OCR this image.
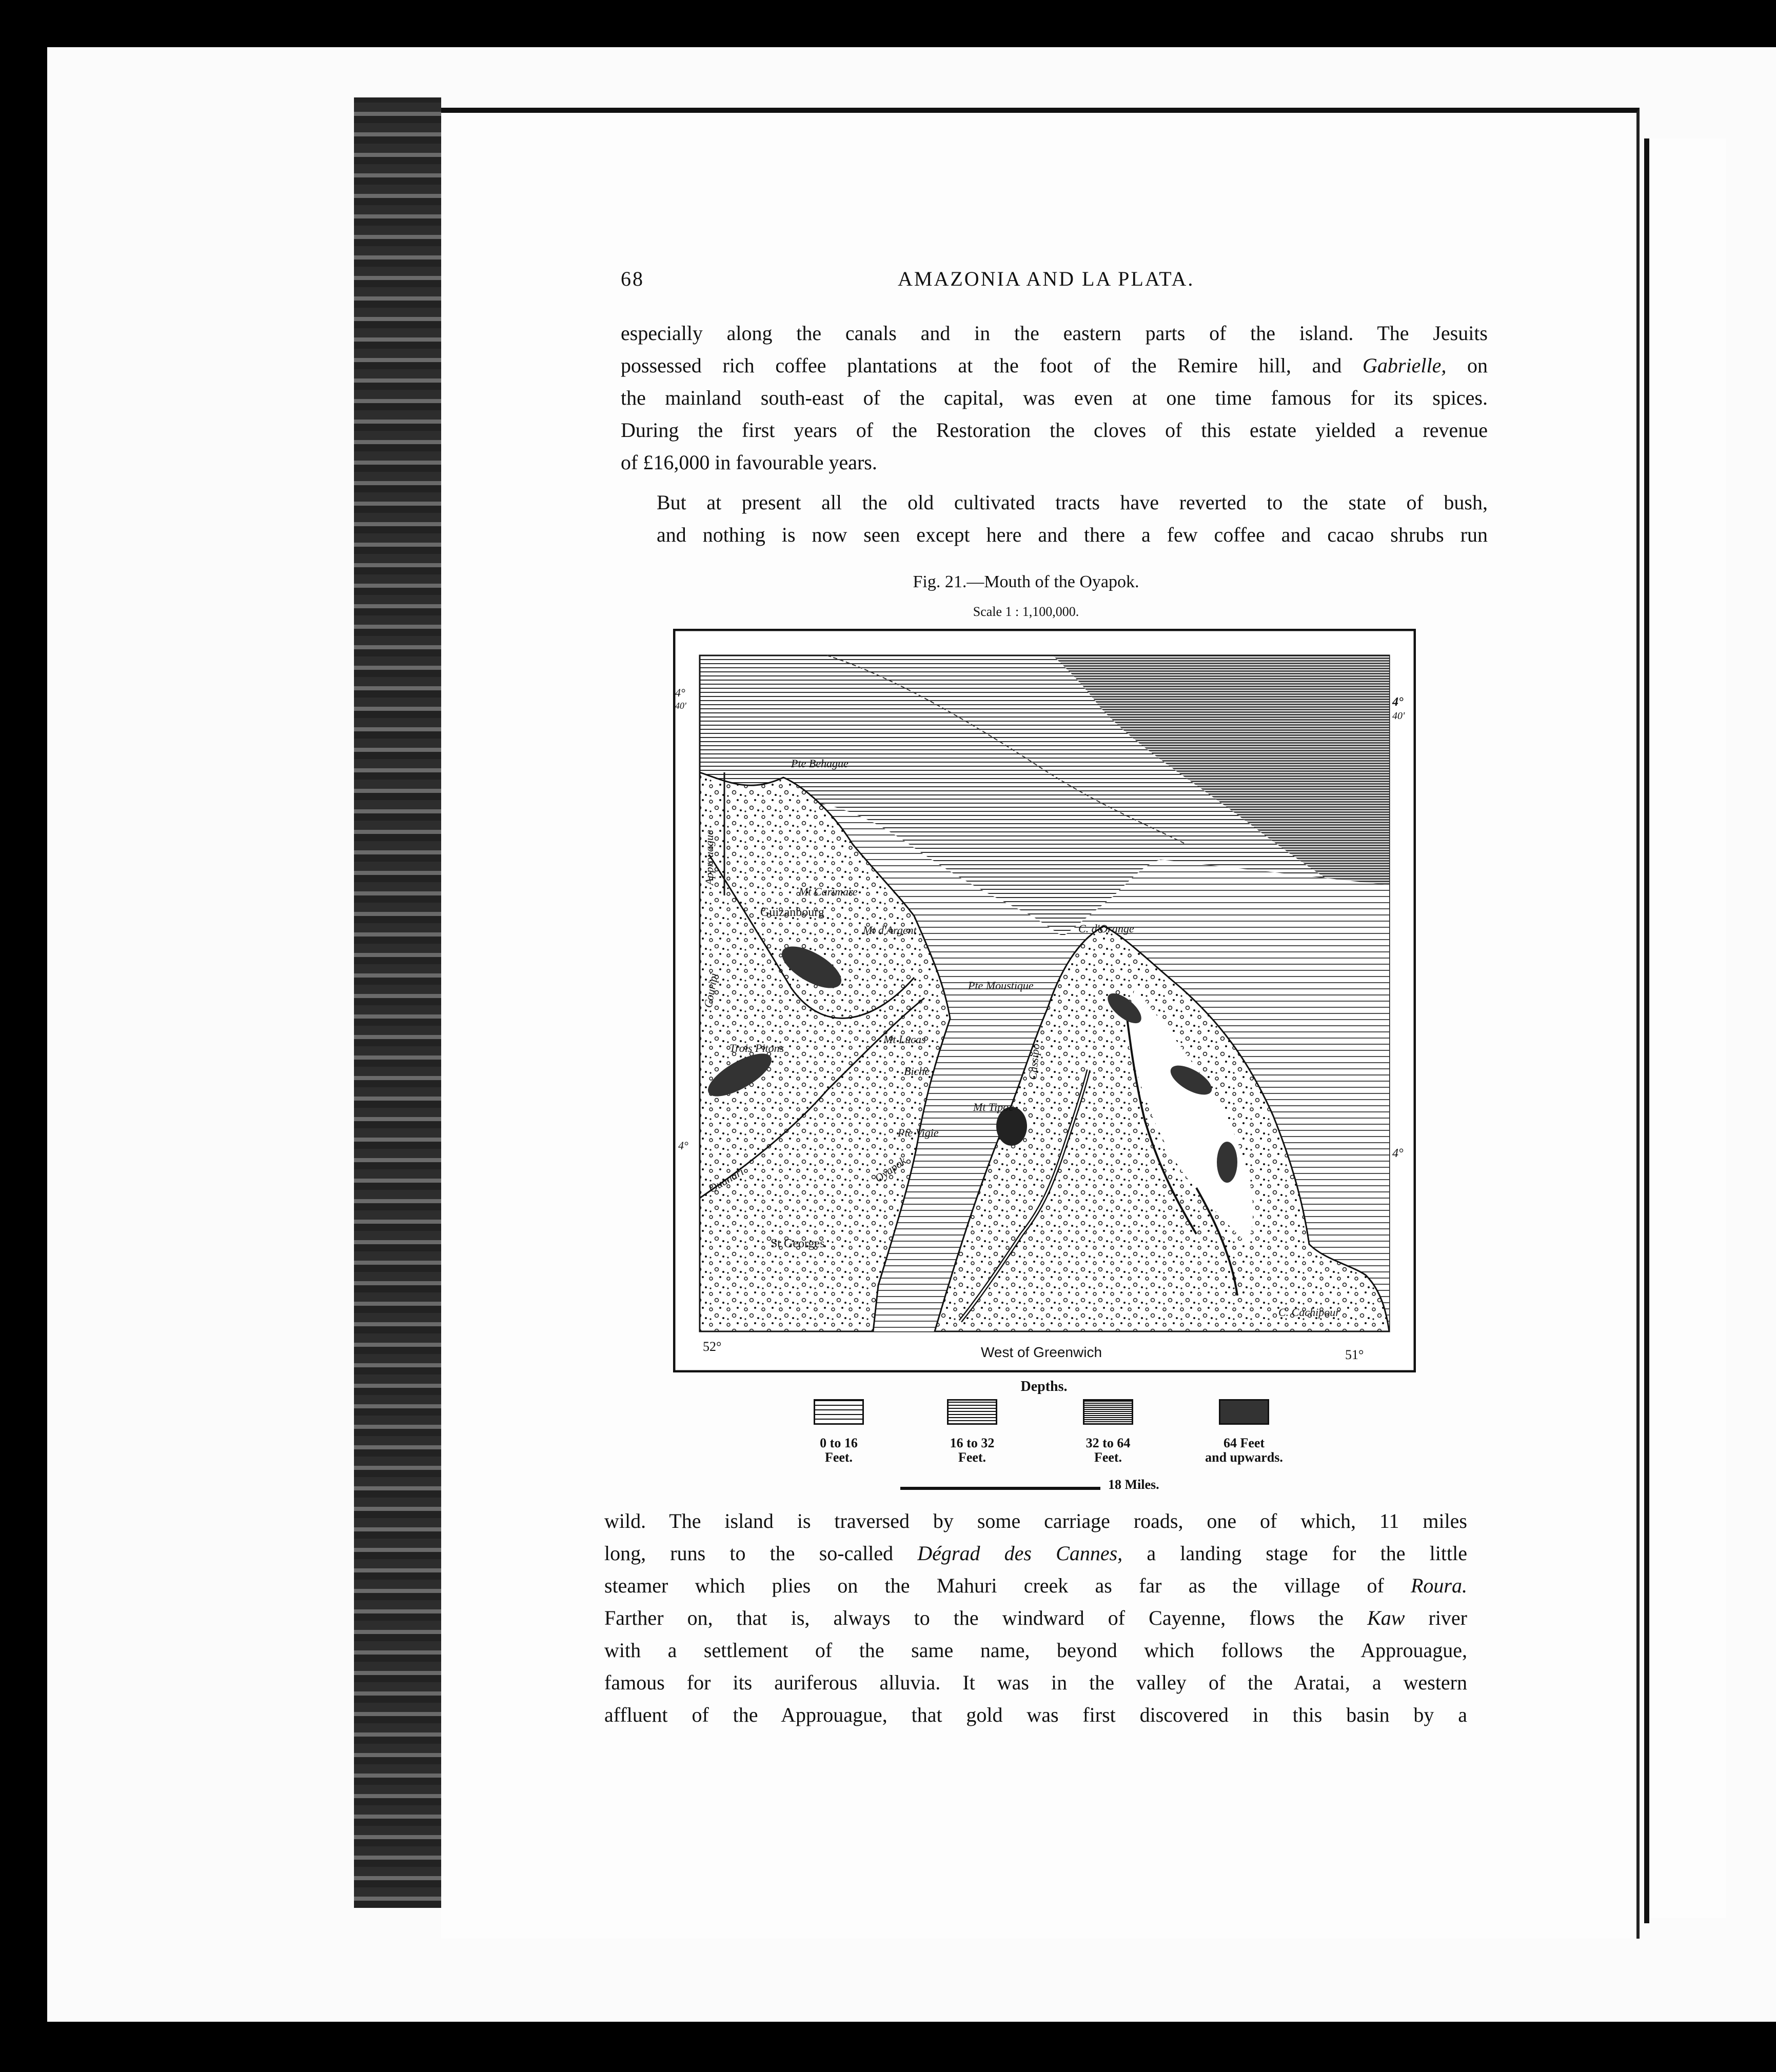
68	AMAZONIA AND LA PLATA.

especially along the canals and in the eastern parts of the island. The Jesuits
possessed rich coffee plantations at the foot of the Remire hill, and Gabrielle, on
the mainland south-east of the capital, was even at one time famous for its spices.
During the first years of the Restoration the cloves of this estate yielded a revenue
of £16,000 in favourable years.

But at present all the old cultivated tracts have reverted to the state of bush,
and nothing is now seen except here and there a few coffee and cacao shrubs run

Fig. 21.—Mouth of the Oyapok.
Scale 1 : 1,100,000.
4°
40'	4°
40'
4°
4°
52°
51°
West of Greenwich
Pte Behague
Approuague
Mt Carimare
Guizanbourg
Mt d'Argent	C. d'Orange
Pte Moustique
Couripi
Mt Lucas
Trois Pitons
Biche
Mt Tipoc
Cassipo
Pte Vigie
Ouanari	Oyapok
St Georges
C. Cachipour
Depths.
0 to 16
Feet.
16 to 32
Feet.
32 to 64
Feet.
64 Feet
and upwards.
18 Miles.

wild. The island is traversed by some carriage roads, one of which, 11 miles
long, runs to the so-called Dégrad des Cannes, a landing stage for the little
steamer which plies on the Mahuri creek as far as the village of Roura.
Farther on, that is, always to the windward of Cayenne, flows the Kaw river
with a settlement of the same name, beyond which follows the Approuague,
famous for its auriferous alluvia. It was in the valley of the Aratai, a western
affluent of the Approuague, that gold was first discovered in this basin by a
